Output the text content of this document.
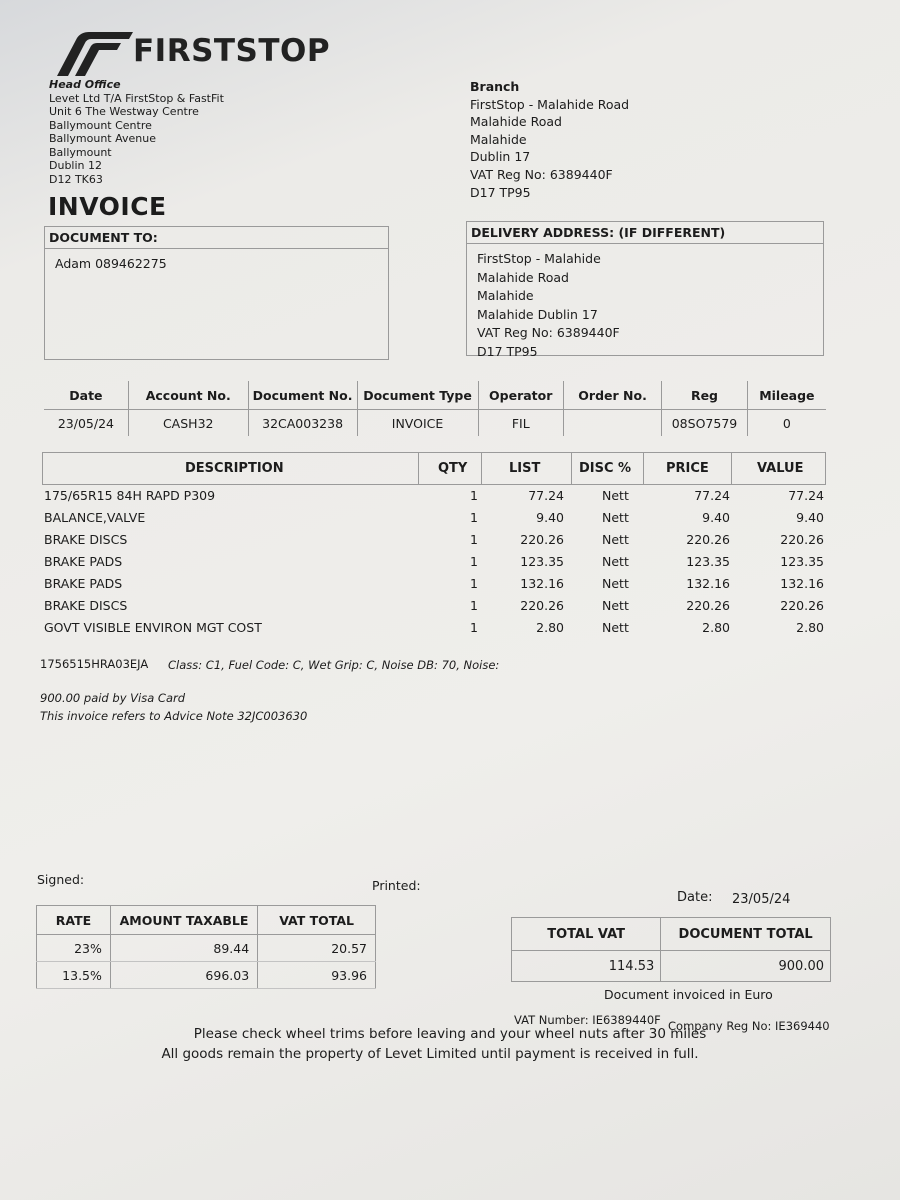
FIRSTSTOP
Head Office
Levet Ltd T/A FirstStop & FastFit
Unit 6 The Westway Centre
Ballymount Centre
Ballymount Avenue
Ballymount
Dublin 12
D12 TK63
Branch
FirstStop - Malahide Road
Malahide Road
Malahide
Dublin 17
VAT Reg No: 6389440F
D17 TP95
INVOICE
DOCUMENT TO:
Adam 089462275
DELIVERY ADDRESS: (IF DIFFERENT)
FirstStop - Malahide
Malahide Road
Malahide
Malahide Dublin 17
VAT Reg No: 6389440F
D17 TP95
Date	Account No.	Document No.	Document Type	Operator	Order No.	Reg	Mileage
23/05/24	CASH32	32CA003238	INVOICE	FIL		08SO7579	0
DESCRIPTION	QTY	LIST	DISC %	PRICE	VALUE
175/65R15 84H RAPD P309	1	77.24	Nett	77.24	77.24
BALANCE,VALVE	1	9.40	Nett	9.40	9.40
BRAKE DISCS	1	220.26	Nett	220.26	220.26
BRAKE PADS	1	123.35	Nett	123.35	123.35
BRAKE PADS	1	132.16	Nett	132.16	132.16
BRAKE DISCS	1	220.26	Nett	220.26	220.26
GOVT VISIBLE ENVIRON MGT COST	1	2.80	Nett	2.80	2.80
1756515HRA03EJA Class: C1, Fuel Code: C, Wet Grip: C, Noise DB: 70, Noise:
900.00 paid by Visa Card
This invoice refers to Advice Note 32JC003630
Signed:	Printed:
Date: 23/05/24
RATE	AMOUNT TAXABLE	VAT TOTAL
23%	89.44	20.57
13.5%	696.03	93.96
TOTAL VAT	DOCUMENT TOTAL
114.53	900.00
Document invoiced in Euro
VAT Number: IE6389440F Company Reg No: IE369440
Please check wheel trims before leaving and your wheel nuts after 30 miles
All goods remain the property of Levet Limited until payment is received in full.
